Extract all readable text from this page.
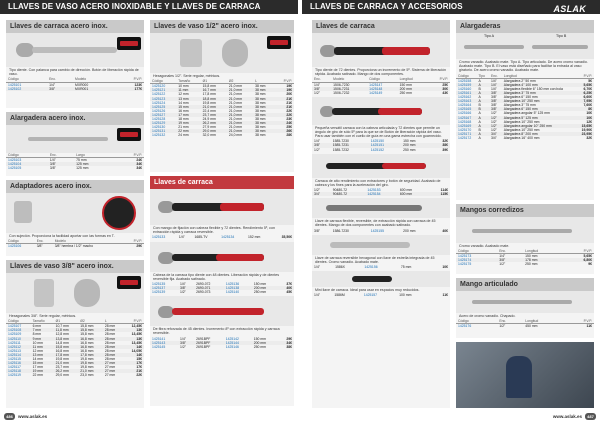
LLAVES DE VASO ACERO INOXIDABLE Y LLAVES DE CARRACA	LLAVES DE CARRACA Y ACCESORIOS	ASLAK
Llaves de carraca acero inox.
Tipo diente. Con palanca para cambio de dirección. Botón de liberación rápida de vaso.
Código	Enc.	Modelo	P.V.P.
1425101	1/4"	MXR000	123€
1425102	3/8"	MXR001	177€
Alargadera acero inox.
Código	Enc.	Largo	P.V.P.
1425103	1/4"	75 mm	24€
1425104	3/8"	125 mm	34€
1425105	3/8"	125 mm	34€
Adaptadores acero inox.
Con sujeción. Proporciona la facilidad aportar con las formas en T.
Código	Enc.	Modelo	P.V.P.
1425106	3/8"	3/8" hembra / 1/2" macho	29€
Llaves de vaso 3/8" acero inox.
Hexagonales 3/8". Serie regular, métricos.
Código	Tamaño	Ø1	Ø2	L	P.V.P.
1425107	6 mm	10,7 mm	15,8 mm	28 mm	12,45€
1425108	7 mm	11,8 mm	15,8 mm	28 mm	13€
1425109	8 mm	12,8 mm	15,8 mm	28 mm	13,45€
1425110	9 mm	13,8 mm	16,8 mm	28 mm	13€
1425111	10 mm	14,8 mm	16,8 mm	28 mm	13,45€
1425112	11 mm	15,8 mm	16,8 mm	28 mm	14€
1425113	12 mm	16,8 mm	16,8 mm	28 mm	14,05€
1425114	13 mm	17,8 mm	17,8 mm	28 mm	14€
1425115	14 mm	19,8 mm	19,8 mm	28 mm	15€
1425116	15 mm	21,0 mm	19,8 mm	27 mm	17€
1425117	17 mm	23,7 mm	19,8 mm	27 mm	17€
1425118	19 mm	26,2 mm	21,0 mm	27 mm	21€
1425119	22 mm	29,0 mm	23,0 mm	27 mm	22€
Llaves de vaso 1/2" acero inox.
Hexagonales 1/2". Serie regular, métricos.
Código	Tamaño	Ø1	Ø2	L	P.V.P.
1425120	10 mm	15,8 mm	21,0 mm	38 mm	19€
1425121	11 mm	16,7 mm	21,0 mm	38 mm	19€
1425122	12 mm	17,8 mm	21,0 mm	38 mm	20€
1425123	13 mm	18,8 mm	21,0 mm	38 mm	21€
1425124	14 mm	19,8 mm	21,0 mm	38 mm	21€
1425125	15 mm	21,0 mm	21,0 mm	38 mm	21€
1425126	16 mm	22,4 mm	21,0 mm	38 mm	22€
1425127	17 mm	23,7 mm	21,0 mm	38 mm	22€
1425128	18 mm	24,9 mm	21,0 mm	38 mm	23€
1425129	19 mm	26,2 mm	21,0 mm	38 mm	24€
1425130	21 mm	27,9 mm	21,0 mm	38 mm	25€
1425131	22 mm	29,0 mm	21,0 mm	38 mm	26€
1425132	24 mm	32,0 mm	24,0 mm	38 mm	28€
Llaves de carraca
Con mango de fijación con cabeza flexible y 72 dientes. Rendimiento 5º, con extracción rápida y carraca reversible.
1425133	1/4"	1685-TV	1425134	152 mm	35,50€
Cabeza de la carraca tipo diente con 48 dientes. Liberación rápida y de dientes reversible fija. Acabado satinado.
1425135	1/4"	2690-072	1425136	150 mm	37€
1425137	3/8"	2690-071	1425138	200 mm	40€
1425139	1/2"	2690-073	1425140	250 mm	45€
De fibra reforzada de 45 dientes. Incremento 8º con extracción rápida y carraca reversible.
1425141	1/4"	2691BPF	1425142	150 mm	29€
1425143	3/8"	2691BPF	1425144	200 mm	34€
1425145	1/2"	2691BPF	1425146	250 mm	38€
Llaves de carraca
Tipo diente de 72 dientes. Proporciona un incremento de 5º. Sistema de liberación rápida. Acabado satinado. Mango de dos componentes.
Enc.	Modelo	Código	Longitud	P.V.P.
1/4"	1506-7230	1425147	150 mm	25€
3/8"	1506-7231	1425148	200 mm	30€
1/2"	1506-7232	1425149	250 mm	43€
Pequeña versátil carraca con la cabeza articulada y 72 dientes que permite un ángulo de giro de sólo 5º para la que se de Botón de liberación rápida del vaso. Para usar también con el cuello de guía en una gama estrecha con guarnecido.
1/4"	1585-7230	1425150	150 mm	32€
3/8"	1585-7231	1425151	200 mm	38€
1/2"	1585-7232	1425152	250 mm	39€
Carraca de alto rendimiento con extractores y botón de seguridad. Acabado de cabeza y los fines para la aceleración del giro.
1/2"	90480-72	1425153	600 mm	114€
3/4"	90480-72	1425154	600 mm	115€
Llave de carraca flexible, reversible, de extracción rápida con carraca de 45 dientes. Mango de dos componentes con acabado satinado.
3/8"	1586-7230	1425155	200 mm	40€
Llave de carraca reversible hexagonal con llave de estrella integrada de 45 dientes. Cromo vanadio. Acabado mate.
1/4"	1586X	1425156	75 mm	10€
Mini llave de carraca. Ideal para usar en espacios muy reducidos.
1/4"	1586M	1425157	100 mm	11€
Alargaderas
Tipo A	Tipo B
Cromo vanadio. Acabado mate. Tipo A. Tipo articulado. De acero cromo vanadio. Acabado mate. Tipo B. El vaso está diseñado para facilitar la entrada al vaso giratorio. De acero cromo vanadio. Acabado mate.
Código	Tipo	Enc.	Longitud	P.V.P.
1425158	A	1/4"	Alargadera 2" 50 mm	5€
1425159	A	1/4"	Alargadera 4" 100 mm	5,65€
1425160	B	1/4"	Alargadera flexible 6" 150 mm con bola	6,70€
1425161	A	3/8"	Alargadera 3" 75 mm	6,25€
1425162	A	3/8"	Alargadera 6" 150 mm	6,60€
1425163	A	3/8"	Alargadera 10" 250 mm	7,95€
1425164	B	3/8"	Alargadera 3" 75 mm	7,60€
1425165	B	3/8"	Alargadera 6" 150 mm	8€
1425166	A	1/2"	Alargadera angular 5" 125 mm	10€
1425167	A	1/2"	Alargadera 5" 125 mm	10€
1425168	A	1/2"	Alargadera 10" 250 mm	12€
1425169	A	1/2"	Alargadera angular 10" 250 mm	15,65€
1425170	B	1/2"	Alargadera 10" 250 mm	19,90€
1425171	A	3/4"	Alargadera 8" 200 mm	23,95€
1425172	A	3/4"	Alargadera 16" 400 mm	32€
Mangos corredizos
Cromo vanadio. Acabado mate.
Código	Enc.	Longitud	P.V.P.
1425173	1/4"	150 mm	5,65€
1425174	3/8"	178 mm	6,80€
1425175	1/2"	250 mm	9€
Mango articulado
Acero de cromo vanadio. Chapado.
Código	Enc.	Longitud	P.V.P.
1425176	1/2"	450 mm	11€
486	www.aslak.es	www.aslak.es	487
